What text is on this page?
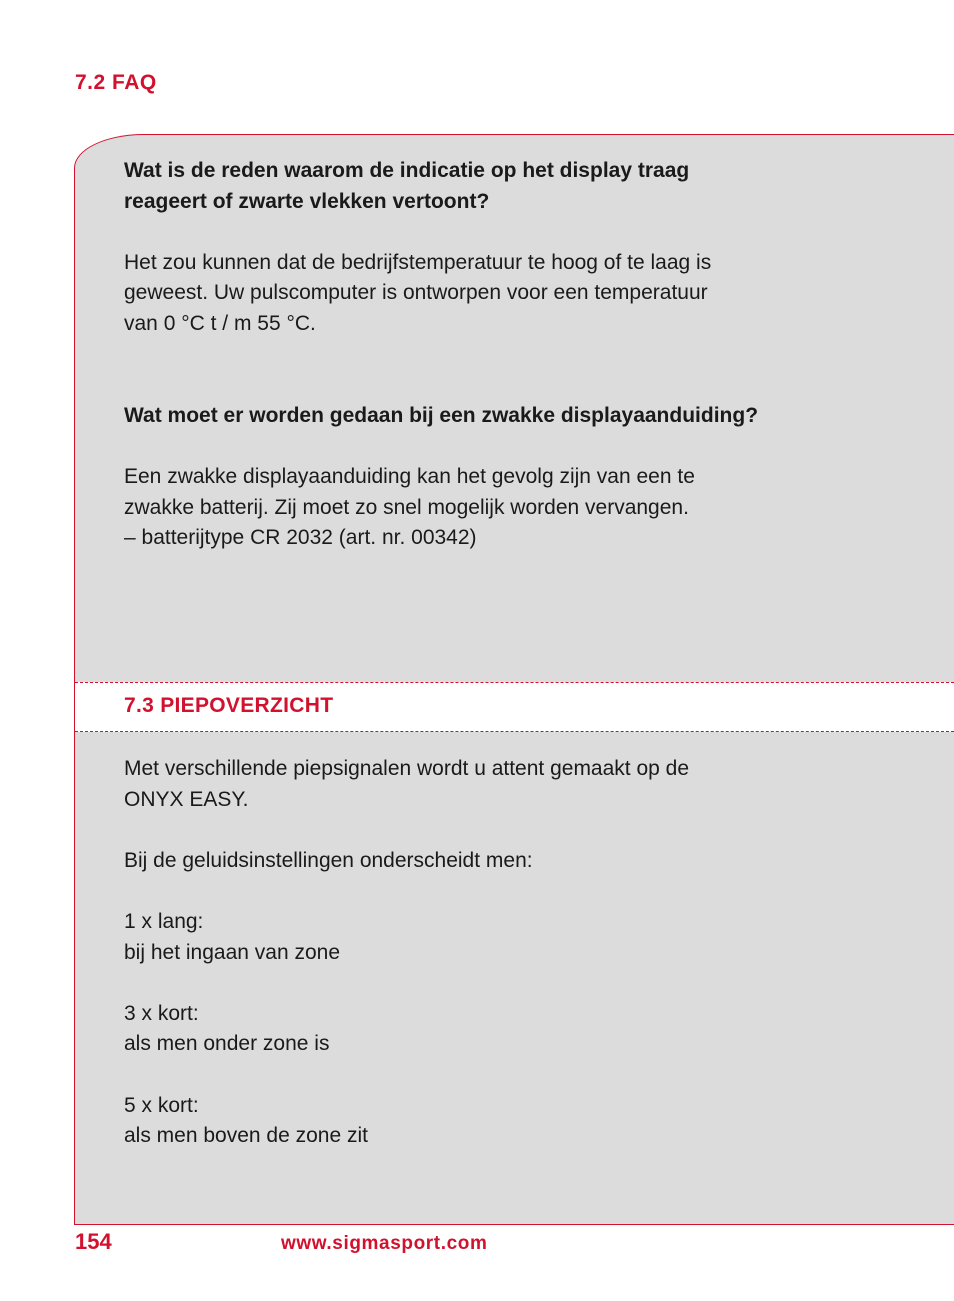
7.2 FAQ
Wat is de reden waarom de indicatie op het display traag
reageert of zwarte vlekken vertoont?
Het zou kunnen dat de bedrijfstemperatuur te hoog of te laag is
geweest. Uw pulscomputer is ontworpen voor een temperatuur
van 0 °C t / m 55 °C.
Wat moet er worden gedaan bij een zwakke displayaanduiding?
Een zwakke displayaanduiding kan het gevolg zijn van een te
zwakke batterij. Zij moet zo snel mogelijk worden vervangen.
– batterijtype CR 2032 (art. nr. 00342)
7.3 PIEPOVERZICHT
Met verschillende piepsignalen wordt u attent gemaakt op de
ONYX EASY.
Bij de geluidsinstellingen onderscheidt men:
1 x lang:
bij het ingaan van zone
3 x kort:
als men onder zone is
5 x kort:
als men boven de zone zit
154	www.sigmasport.com
